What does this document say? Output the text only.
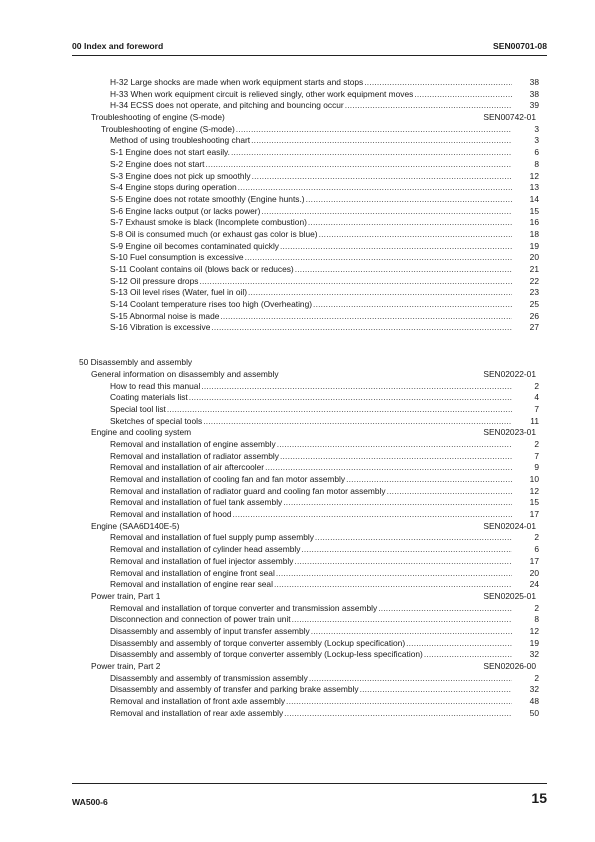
00 Index and foreword	SEN00701-08
H-32 Large shocks are made when work equipment starts and stops .....	38
H-33 When work equipment circuit is relieved singly, other work equipment moves .....	38
H-34 ECSS does not operate, and pitching and bouncing occur .....	39
Troubleshooting of engine (S-mode)	SEN00742-01
Troubleshooting of engine (S-mode) .....	3
Method of using troubleshooting chart .....	3
S-1 Engine does not start easily. .....	6
S-2 Engine does not start .....	8
S-3 Engine does not pick up smoothly .....	12
S-4 Engine stops during operation .....	13
S-5 Engine does not rotate smoothly (Engine hunts.) .....	14
S-6 Engine lacks output (or lacks power) .....	15
S-7 Exhaust smoke is black (Incomplete combustion) .....	16
S-8 Oil is consumed much (or exhaust gas color is blue) .....	18
S-9 Engine oil becomes contaminated quickly .....	19
S-10 Fuel consumption is excessive .....	20
S-11 Coolant contains oil (blows back or reduces) .....	21
S-12 Oil pressure drops .....	22
S-13 Oil level rises (Water, fuel in oil) .....	23
S-14 Coolant temperature rises too high (Overheating) .....	25
S-15 Abnormal noise is made .....	26
S-16 Vibration is excessive .....	27
50 Disassembly and assembly
General information on disassembly and assembly	SEN02022-01
How to read this manual .....	2
Coating materials list .....	4
Special tool list .....	7
Sketches of special tools .....	11
Engine and cooling system	SEN02023-01
Removal and installation of engine assembly .....	2
Removal and installation of radiator assembly .....	7
Removal and installation of air aftercooler .....	9
Removal and installation of cooling fan and fan motor assembly .....	10
Removal and installation of radiator guard and cooling fan motor assembly .....	12
Removal and installation of fuel tank assembly .....	15
Removal and installation of hood .....	17
Engine (SAA6D140E-5)	SEN02024-01
Removal and installation of fuel supply pump assembly .....	2
Removal and installation of cylinder head assembly .....	6
Removal and installation of fuel injector assembly .....	17
Removal and installation of engine front seal .....	20
Removal and installation of engine rear seal .....	24
Power train, Part 1	SEN02025-01
Removal and installation of torque converter and transmission assembly .....	2
Disconnection and connection of power train unit .....	8
Disassembly and assembly of input transfer assembly .....	12
Disassembly and assembly of torque converter assembly (Lockup specification) .....	19
Disassembly and assembly of torque converter assembly (Lockup-less specification) .....	32
Power train, Part 2	SEN02026-00
Disassembly and assembly of transmission assembly .....	2
Disassembly and assembly of transfer and parking brake assembly .....	32
Removal and installation of front axle assembly .....	48
Removal and installation of rear axle assembly .....	50
WA500-6	15
